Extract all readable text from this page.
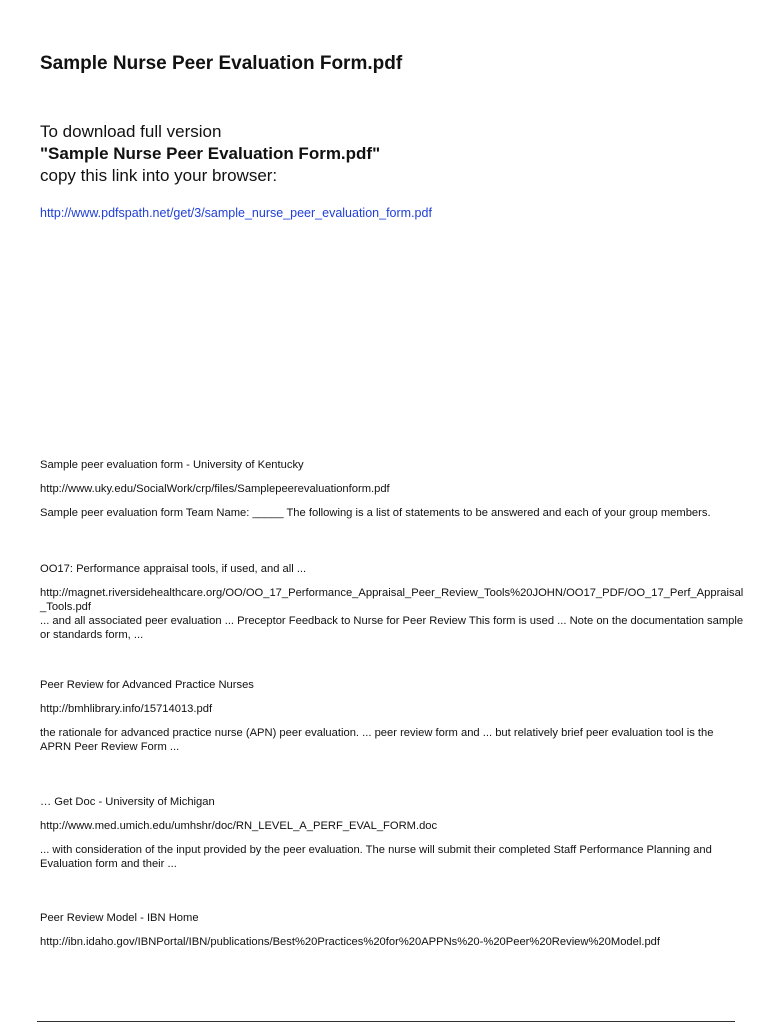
Sample Nurse Peer Evaluation Form.pdf
To download full version
"Sample Nurse Peer Evaluation Form.pdf"
copy this link into your browser:
http://www.pdfspath.net/get/3/sample_nurse_peer_evaluation_form.pdf
Sample peer evaluation form - University of Kentucky
http://www.uky.edu/SocialWork/crp/files/Samplepeerevaluationform.pdf
Sample peer evaluation form Team Name: _____ The following is a list of statements to be answered and each of your group members.
OO17: Performance appraisal tools, if used, and all ...
http://magnet.riversidehealthcare.org/OO/OO_17_Performance_Appraisal_Peer_Review_Tools%20JOHN/OO17_PDF/OO_17_Perf_Appraisal_Tools.pdf
... and all associated peer evaluation ... Preceptor Feedback to Nurse for Peer Review This form is used ... Note on the documentation sample or standards form, ...
Peer Review for Advanced Practice Nurses
http://bmhlibrary.info/15714013.pdf
the rationale for advanced practice nurse (APN) peer evaluation. ... peer review form and ... but relatively brief peer evaluation tool is the APRN Peer Review Form ...
… Get Doc - University of Michigan
http://www.med.umich.edu/umhshr/doc/RN_LEVEL_A_PERF_EVAL_FORM.doc
... with consideration of the input provided by the peer evaluation. The nurse will submit their completed Staff Performance Planning and Evaluation form and their ...
Peer Review Model - IBN Home
http://ibn.idaho.gov/IBNPortal/IBN/publications/Best%20Practices%20for%20APPNs%20-%20Peer%20Review%20Model.pdf
